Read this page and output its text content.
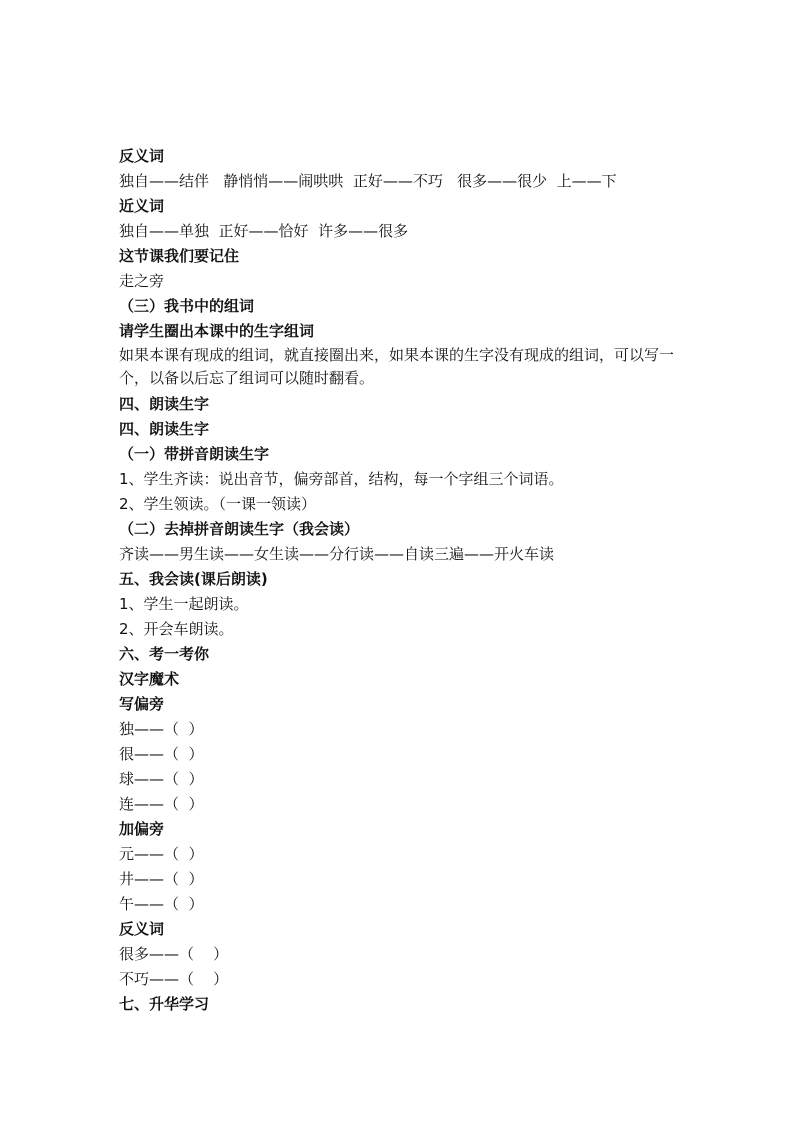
反义词
独自——结伴   静悄悄——闹哄哄  正好——不巧   很多——很少  上——下
近义词
独自——单独  正好——恰好  许多——很多
这节课我们要记住
走之旁
（三）我书中的组词
请学生圈出本课中的生字组词
如果本课有现成的组词，就直接圈出来，如果本课的生字没有现成的组词，可以写一个，以备以后忘了组词可以随时翻看。
四、朗读生字
四、朗读生字
（一）带拼音朗读生字
1、学生齐读：说出音节，偏旁部首，结构，每一个字组三个词语。
2、学生领读。（一课一领读）
（二）去掉拼音朗读生字（我会读）
齐读——男生读——女生读——分行读——自读三遍——开火车读
五、我会读(课后朗读)
1、学生一起朗读。
2、开会车朗读。
六、考一考你
汉字魔术
写偏旁
独——（  ）
很——（  ）
球——（  ）
连——（  ）
加偏旁
元——（  ）
井——（  ）
午——（  ）
反义词
很多——（    ）
不巧——（    ）
七、升华学习
